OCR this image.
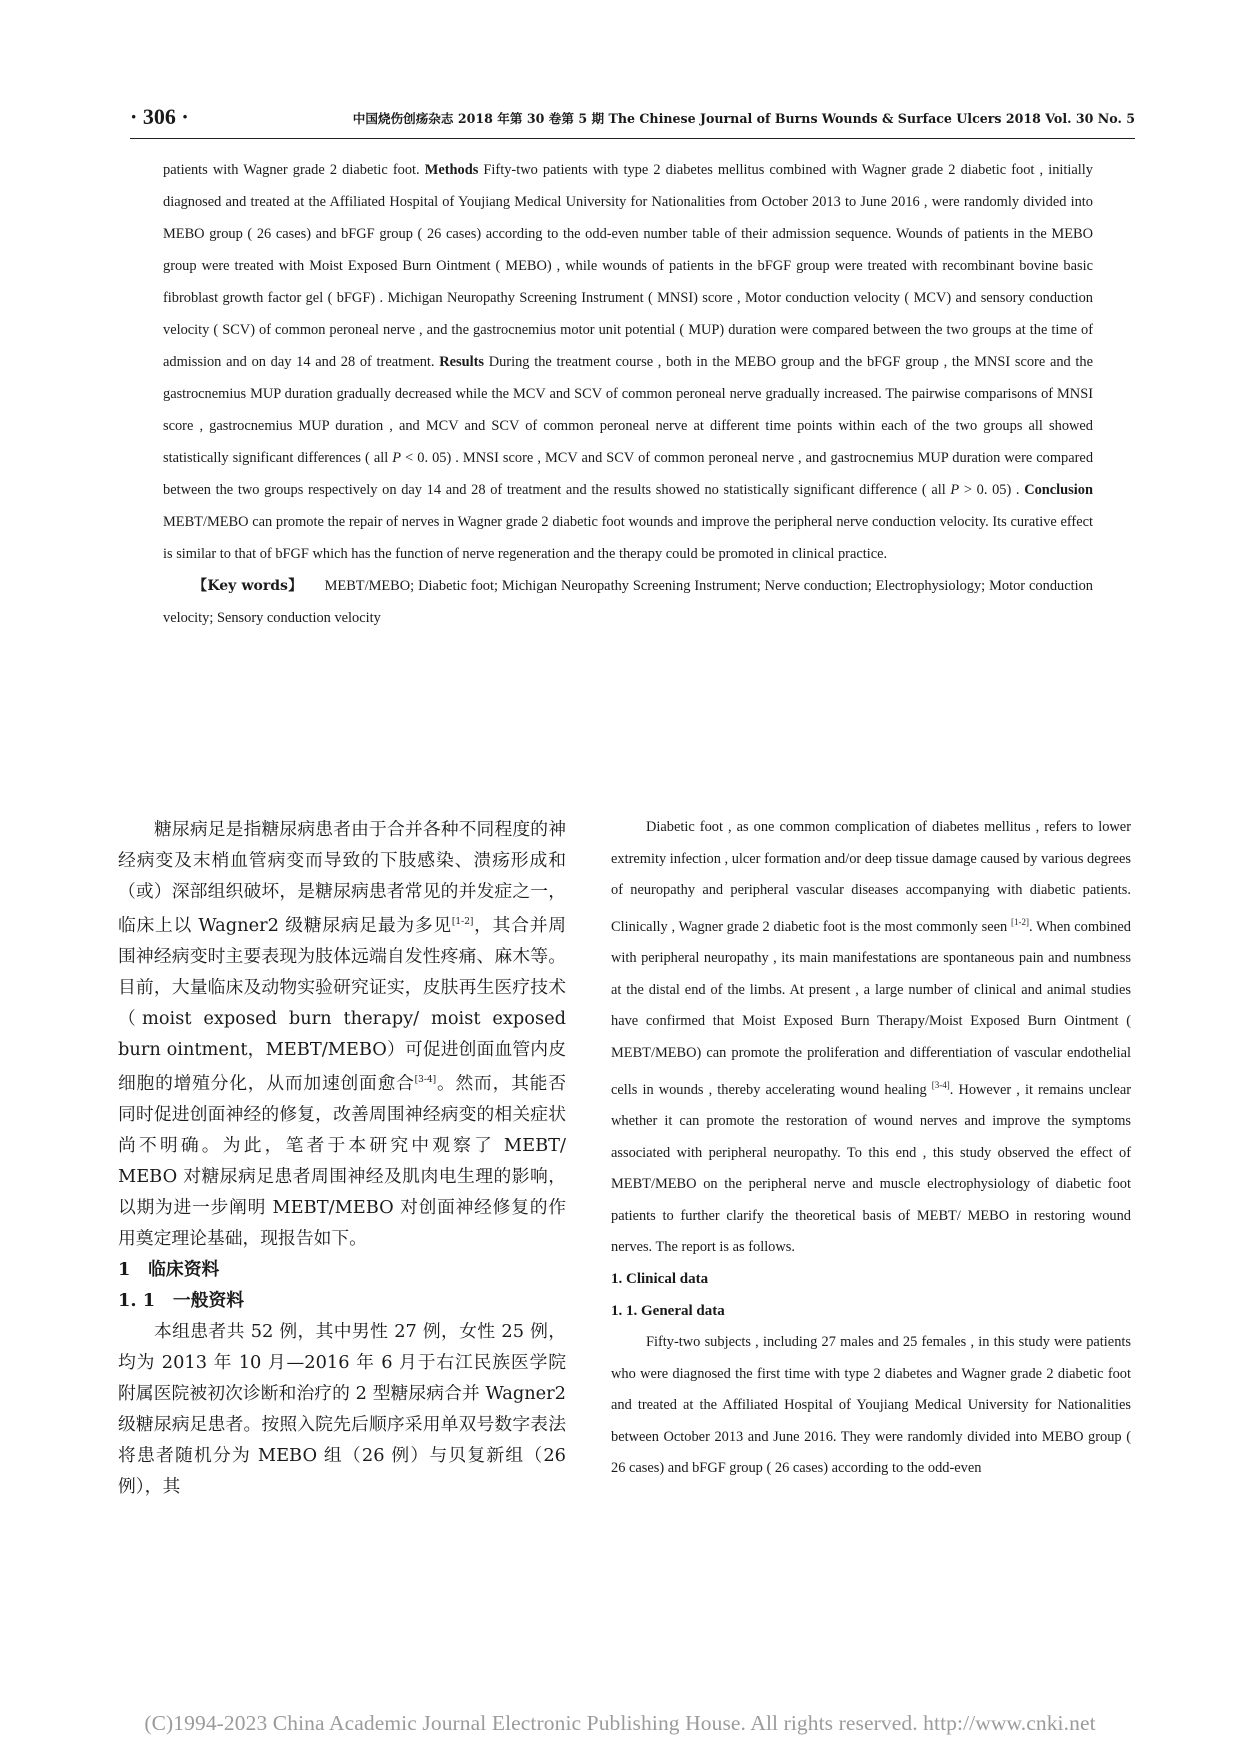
· 306 ·	中国烧伤创疡杂志 2018 年第 30 卷第 5 期 The Chinese Journal of Burns Wounds & Surface Ulcers 2018 Vol. 30 No. 5

patients with Wagner grade 2 diabetic foot. Methods Fifty-two patients with type 2 diabetes mellitus combined with Wagner grade 2 diabetic foot , initially diagnosed and treated at the Affiliated Hospital of Youjiang Medical University for Nationalities from October 2013 to June 2016 , were randomly divided into MEBO group ( 26 cases) and bFGF group ( 26 cases) according to the odd-even number table of their admission sequence. Wounds of patients in the MEBO group were treated with Moist Exposed Burn Ointment ( MEBO) , while wounds of patients in the bFGF group were treated with recombinant bovine basic fibroblast growth factor gel ( bFGF) . Michigan Neuropathy Screening Instrument ( MNSI) score , Motor conduction velocity ( MCV) and sensory conduction velocity ( SCV) of common peroneal nerve , and the gastrocnemius motor unit potential ( MUP) duration were compared between the two groups at the time of admission and on day 14 and 28 of treatment. Results During the treatment course , both in the MEBO group and the bFGF group , the MNSI score and the gastrocnemius MUP duration gradually decreased while the MCV and SCV of common peroneal nerve gradually increased. The pairwise comparisons of MNSI score , gastrocnemius MUP duration , and MCV and SCV of common peroneal nerve at different time points within each of the two groups all showed statistically significant differences ( all P < 0. 05) . MNSI score , MCV and SCV of common peroneal nerve , and gastrocnemius MUP duration were compared between the two groups respectively on day 14 and 28 of treatment and the results showed no statistically significant difference ( all P > 0. 05) . Conclusion MEBT/MEBO can promote the repair of nerves in Wagner grade 2 diabetic foot wounds and improve the peripheral nerve conduction velocity. Its curative effect is similar to that of bFGF which has the function of nerve regeneration and the therapy could be promoted in clinical practice.

【Key words】 MEBT/MEBO; Diabetic foot; Michigan Neuropathy Screening Instrument; Nerve conduction; Electrophysiology; Motor conduction velocity; Sensory conduction velocity

糖尿病足是指糖尿病患者由于合并各种不同程度的神经病变及末梢血管病变而导致的下肢感染、溃疡形成和（或）深部组织破坏，是糖尿病患者常见的并发症之一，临床上以 Wagner2 级糖尿病足最为多见[1-2]，其合并周围神经病变时主要表现为肢体远端自发性疼痛、麻木等。目前，大量临床及动物实验研究证实，皮肤再生医疗技术（moist exposed burn therapy/ moist exposed burn ointment，MEBT/MEBO）可促进创面血管内皮细胞的增殖分化，从而加速创面愈合[3-4]。然而，其能否同时促进创面神经的修复，改善周围神经病变的相关症状尚不明确。为此，笔者于本研究中观察了 MEBT/ MEBO 对糖尿病足患者周围神经及肌肉电生理的影响，以期为进一步阐明 MEBT/MEBO 对创面神经修复的作用奠定理论基础，现报告如下。

1　临床资料

1. 1　一般资料

本组患者共 52 例，其中男性 27 例，女性 25 例，均为 2013 年 10 月—2016 年 6 月于右江民族医学院附属医院被初次诊断和治疗的 2 型糖尿病合并 Wagner2 级糖尿病足患者。按照入院先后顺序采用单双号数字表法将患者随机分为 MEBO 组（26 例）与贝复新组（26 例），其

Diabetic foot , as one common complication of diabetes mellitus , refers to lower extremity infection , ulcer formation and/or deep tissue damage caused by various degrees of neuropathy and peripheral vascular diseases accompanying with diabetic patients. Clinically , Wagner grade 2 diabetic foot is the most commonly seen [1-2]. When combined with peripheral neuropathy , its main manifestations are spontaneous pain and numbness at the distal end of the limbs. At present , a large number of clinical and animal studies have confirmed that Moist Exposed Burn Therapy/Moist Exposed Burn Ointment ( MEBT/MEBO) can promote the proliferation and differentiation of vascular endothelial cells in wounds , thereby accelerating wound healing [3-4]. However , it remains unclear whether it can promote the restoration of wound nerves and improve the symptoms associated with peripheral neuropathy. To this end , this study observed the effect of MEBT/MEBO on the peripheral nerve and muscle electrophysiology of diabetic foot patients to further clarify the theoretical basis of MEBT/ MEBO in restoring wound nerves. The report is as follows.

1. Clinical data

1. 1. General data

Fifty-two subjects , including 27 males and 25 females , in this study were patients who were diagnosed the first time with type 2 diabetes and Wagner grade 2 diabetic foot and treated at the Affiliated Hospital of Youjiang Medical University for Nationalities between October 2013 and June 2016. They were randomly divided into MEBO group ( 26 cases) and bFGF group ( 26 cases) according to the odd-even

(C)1994-2023 China Academic Journal Electronic Publishing House. All rights reserved. http://www.cnki.net
